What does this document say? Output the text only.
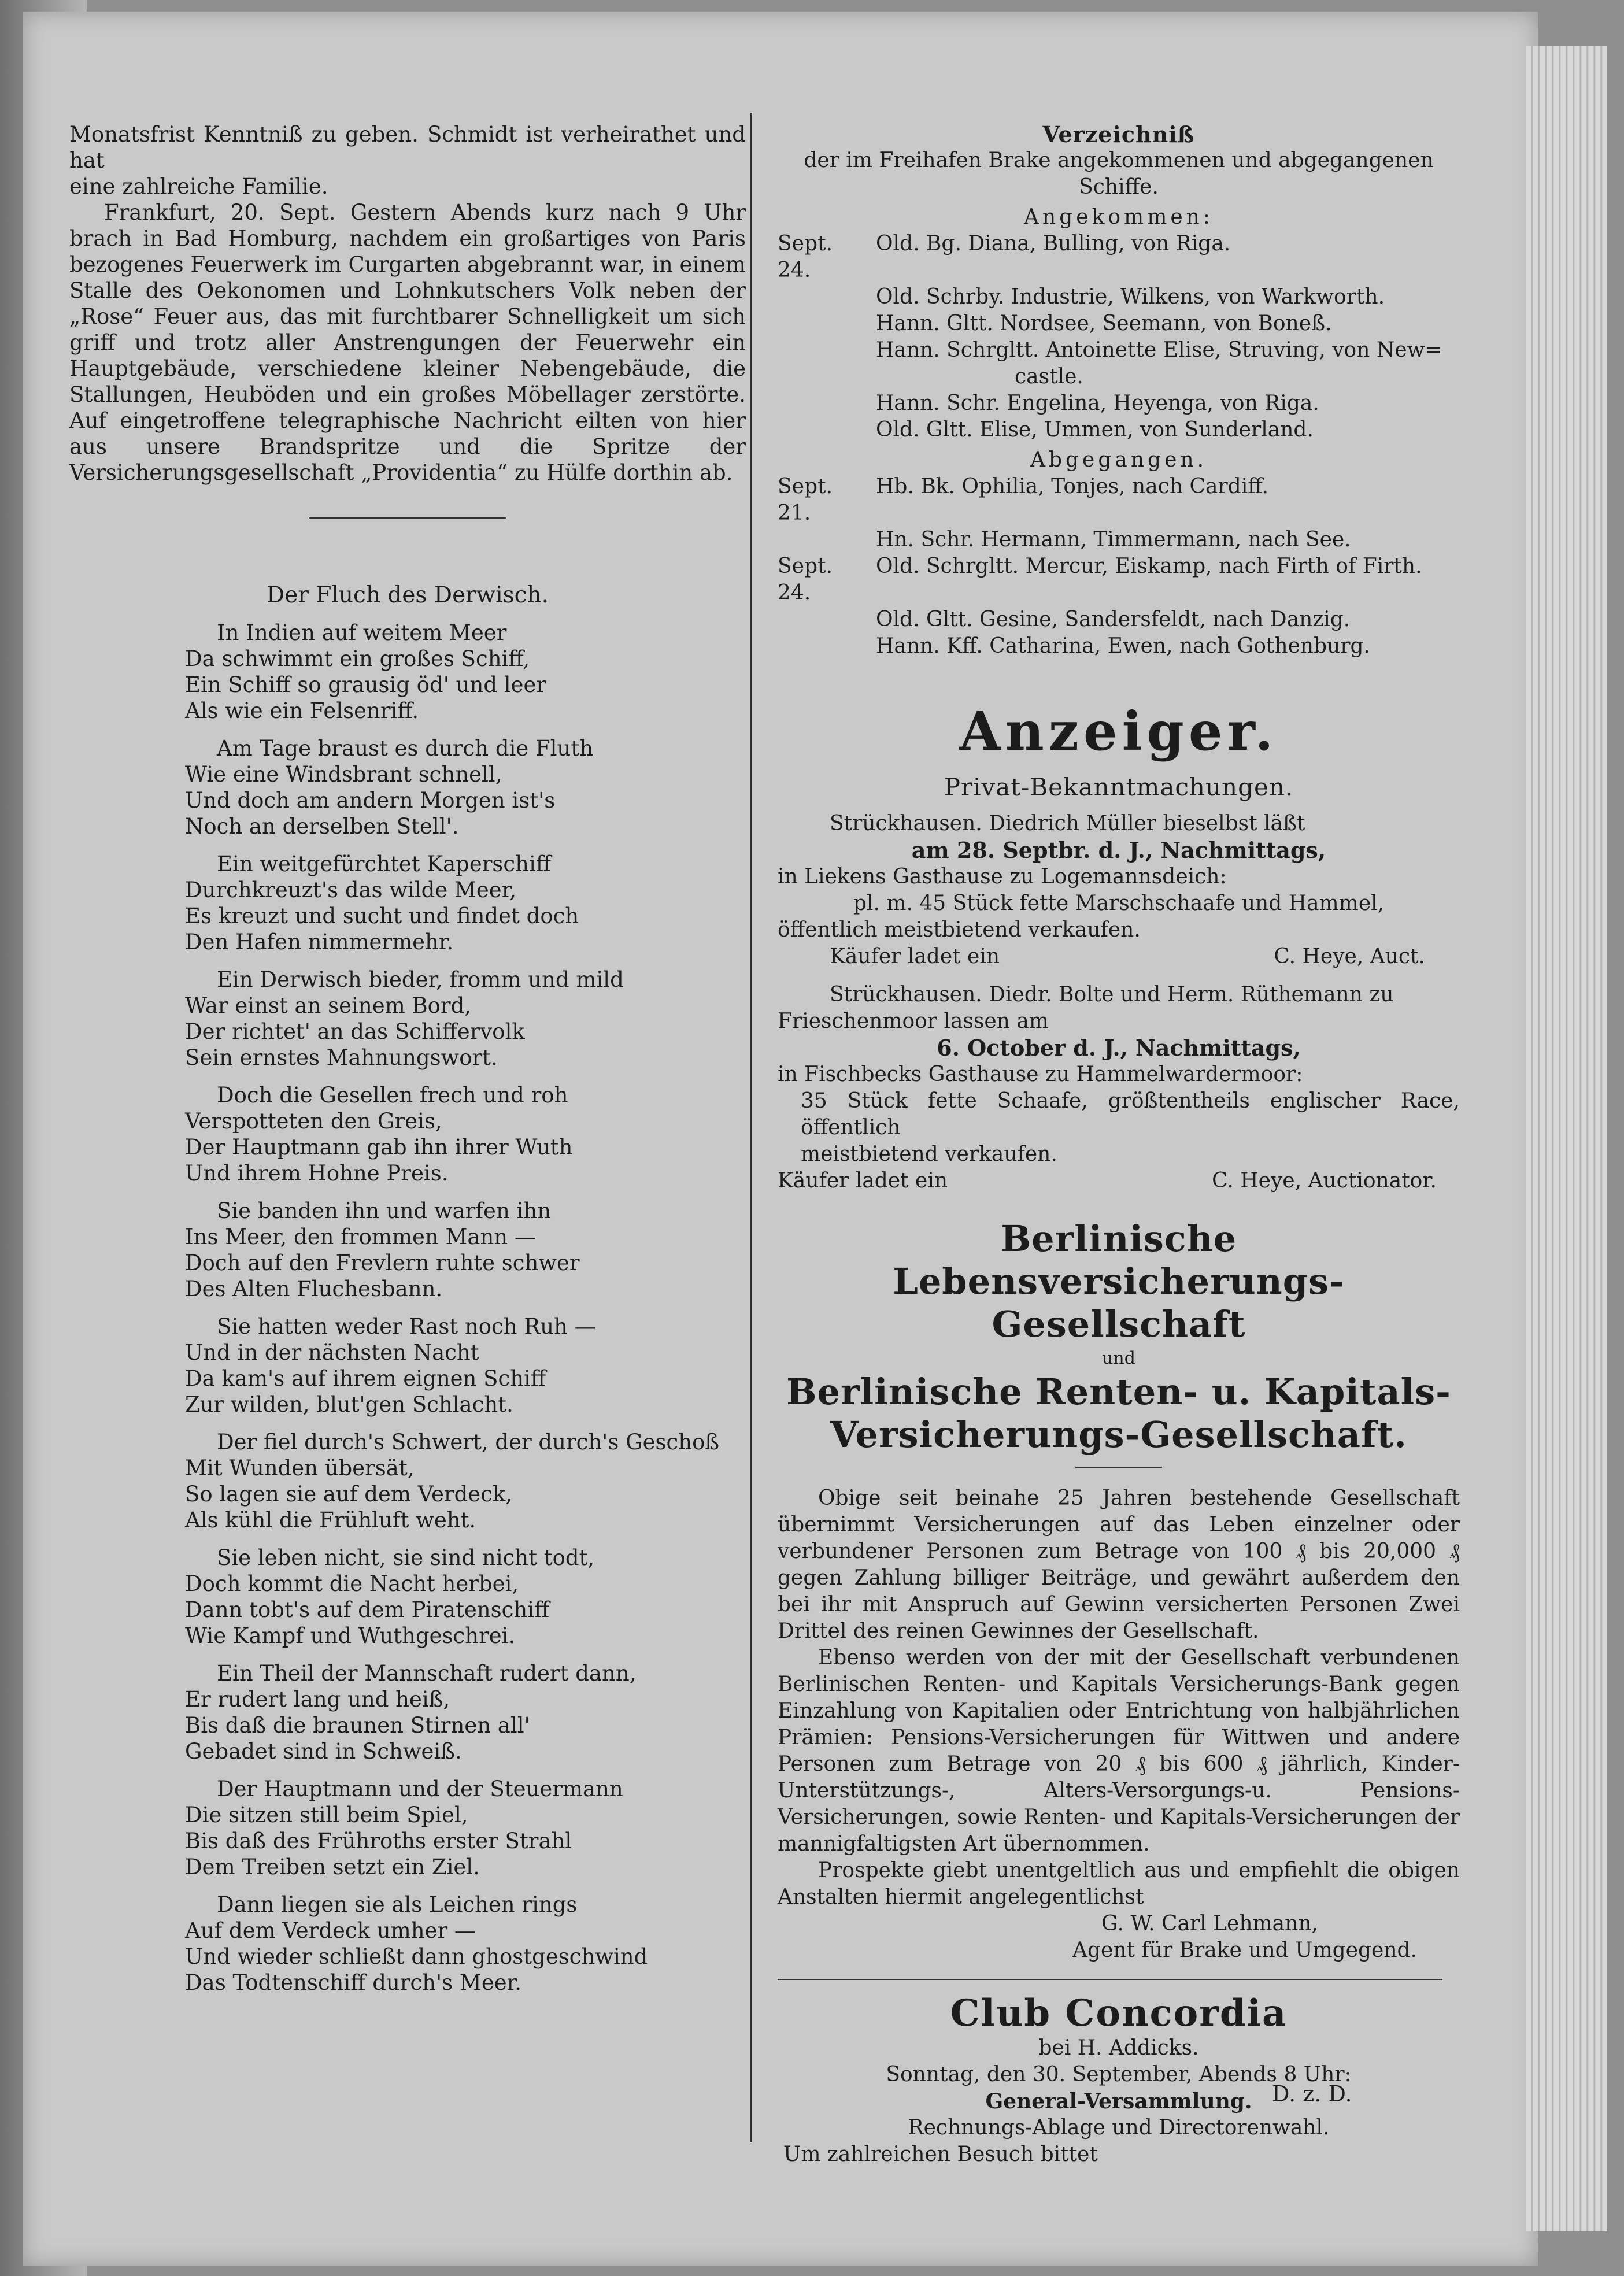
Monatsfrist Kenntniß zu geben. Schmidt ist verheirathet und hat

eine zahlreiche Familie.

Frankfurt, 20. Sept. Gestern Abends kurz nach 9 Uhr brach in Bad Homburg, nachdem ein großartiges von Paris bezogenes Feuerwerk im Curgarten abgebrannt war, in einem Stalle des Oekonomen und Lohnkutschers Volk neben der „Rose“ Feuer aus, das mit furchtbarer Schnelligkeit um sich griff und trotz aller Anstrengungen der Feuerwehr ein Hauptgebäude, verschiedene kleiner Nebengebäude, die Stallungen, Heuböden und ein großes Möbellager zerstörte. Auf eingetroffene telegraphische Nachricht eilten von hier aus unsere Brandspritze und die Spritze der Versicherungsgesellschaft „Providentia“ zu Hülfe dorthin ab.

Der Fluch des Derwisch.

In Indien auf weitem Meer

Da schwimmt ein großes Schiff,

Ein Schiff so grausig öd' und leer

Als wie ein Felsenriff.

Am Tage braust es durch die Fluth

Wie eine Windsbrant schnell,

Und doch am andern Morgen ist's

Noch an derselben Stell'.

Ein weitgefürchtet Kaperschiff

Durchkreuzt's das wilde Meer,

Es kreuzt und sucht und findet doch

Den Hafen nimmermehr.

Ein Derwisch bieder, fromm und mild

War einst an seinem Bord,

Der richtet' an das Schiffervolk

Sein ernstes Mahnungswort.

Doch die Gesellen frech und roh

Verspotteten den Greis,

Der Hauptmann gab ihn ihrer Wuth

Und ihrem Hohne Preis.

Sie banden ihn und warfen ihn

Ins Meer, den frommen Mann —

Doch auf den Frevlern ruhte schwer

Des Alten Fluchesbann.

Sie hatten weder Rast noch Ruh —

Und in der nächsten Nacht

Da kam's auf ihrem eignen Schiff

Zur wilden, blut'gen Schlacht.

Der fiel durch's Schwert, der durch's Geschoß

Mit Wunden übersät,

So lagen sie auf dem Verdeck,

Als kühl die Frühluft weht.

Sie leben nicht, sie sind nicht todt,

Doch kommt die Nacht herbei,

Dann tobt's auf dem Piratenschiff

Wie Kampf und Wuthgeschrei.

Ein Theil der Mannschaft rudert dann,

Er rudert lang und heiß,

Bis daß die braunen Stirnen all'

Gebadet sind in Schweiß.

Der Hauptmann und der Steuermann

Die sitzen still beim Spiel,

Bis daß des Frühroths erster Strahl

Dem Treiben setzt ein Ziel.

Dann liegen sie als Leichen rings

Auf dem Verdeck umher —

Und wieder schließt dann ghostgeschwind

Das Todtenschiff durch's Meer.

Verzeichniß

der im Freihafen Brake angekommenen und abgegangenen Schiffe.

Angekommen:

Sept. 24.
Old. Bg. Diana, Bulling, von Riga.
Old. Schrby. Industrie, Wilkens, von Warkworth.
Hann. Gltt. Nordsee, Seemann, von Boneß.
Hann. Schrgltt. Antoinette Elise, Struving, von New=
castle.
Hann. Schr. Engelina, Heyenga, von Riga.
Old. Gltt. Elise, Ummen, von Sunderland.

Abgegangen.

Sept. 21.
Hb. Bk. Ophilia, Tonjes, nach Cardiff.
Hn. Schr. Hermann, Timmermann, nach See.
Sept. 24.
Old. Schrgltt. Mercur, Eiskamp, nach Firth of Firth.
Old. Gltt. Gesine, Sandersfeldt, nach Danzig.
Hann. Kff. Catharina, Ewen, nach Gothenburg.

Anzeiger.

Privat-Bekanntmachungen.

Strückhausen. Diedrich Müller bieselbst läßt

am 28. Septbr. d. J., Nachmittags,

in Liekens Gasthause zu Logemannsdeich:

pl. m. 45 Stück fette Marschschaafe und Hammel,

öffentlich meistbietend verkaufen.

Käufer ladet ein	C. Heye, Auct.

Strückhausen. Diedr. Bolte und Herm. Rüthemann zu

Frieschenmoor lassen am

6. October d. J., Nachmittags,

in Fischbecks Gasthause zu Hammelwardermoor:

35 Stück fette Schaafe, größtentheils englischer Race, öffentlich

meistbietend verkaufen.

Käufer ladet ein	C. Heye, Auctionator.

Berlinische Lebensversicherungs-

Gesellschaft

und

Berlinische Renten- u. Kapitals-

Versicherungs-Gesellschaft.

Obige seit beinahe 25 Jahren bestehende Gesellschaft übernimmt Versicherungen auf das Leben einzelner oder verbundener Personen zum Betrage von 100 ₰ bis 20,000 ₰ gegen Zahlung billiger Beiträge, und gewährt außerdem den bei ihr mit Anspruch auf Gewinn versicherten Personen Zwei Drittel des reinen Gewinnes der Gesellschaft.

Ebenso werden von der mit der Gesellschaft verbundenen Berlinischen Renten- und Kapitals Versicherungs-Bank gegen Einzahlung von Kapitalien oder Entrichtung von halbjährlichen Prämien: Pensions-Versicherungen für Wittwen und andere Personen zum Betrage von 20 ₰ bis 600 ₰ jährlich, Kinder-Unterstützungs-, Alters-Versorgungs-u. Pensions-Versicherungen, sowie Renten- und Kapitals-Versicherungen der mannigfaltigsten Art übernommen.

Prospekte giebt unentgeltlich aus und empfiehlt die obigen Anstalten hiermit angelegentlichst

G. W. Carl Lehmann,

Agent für Brake und Umgegend.

Club Concordia

bei H. Addicks.

Sonntag, den 30. September, Abends 8 Uhr:

General-Versammlung.

Rechnungs-Ablage und Directorenwahl.

Um zahlreichen Besuch bittet

D. z. D.
